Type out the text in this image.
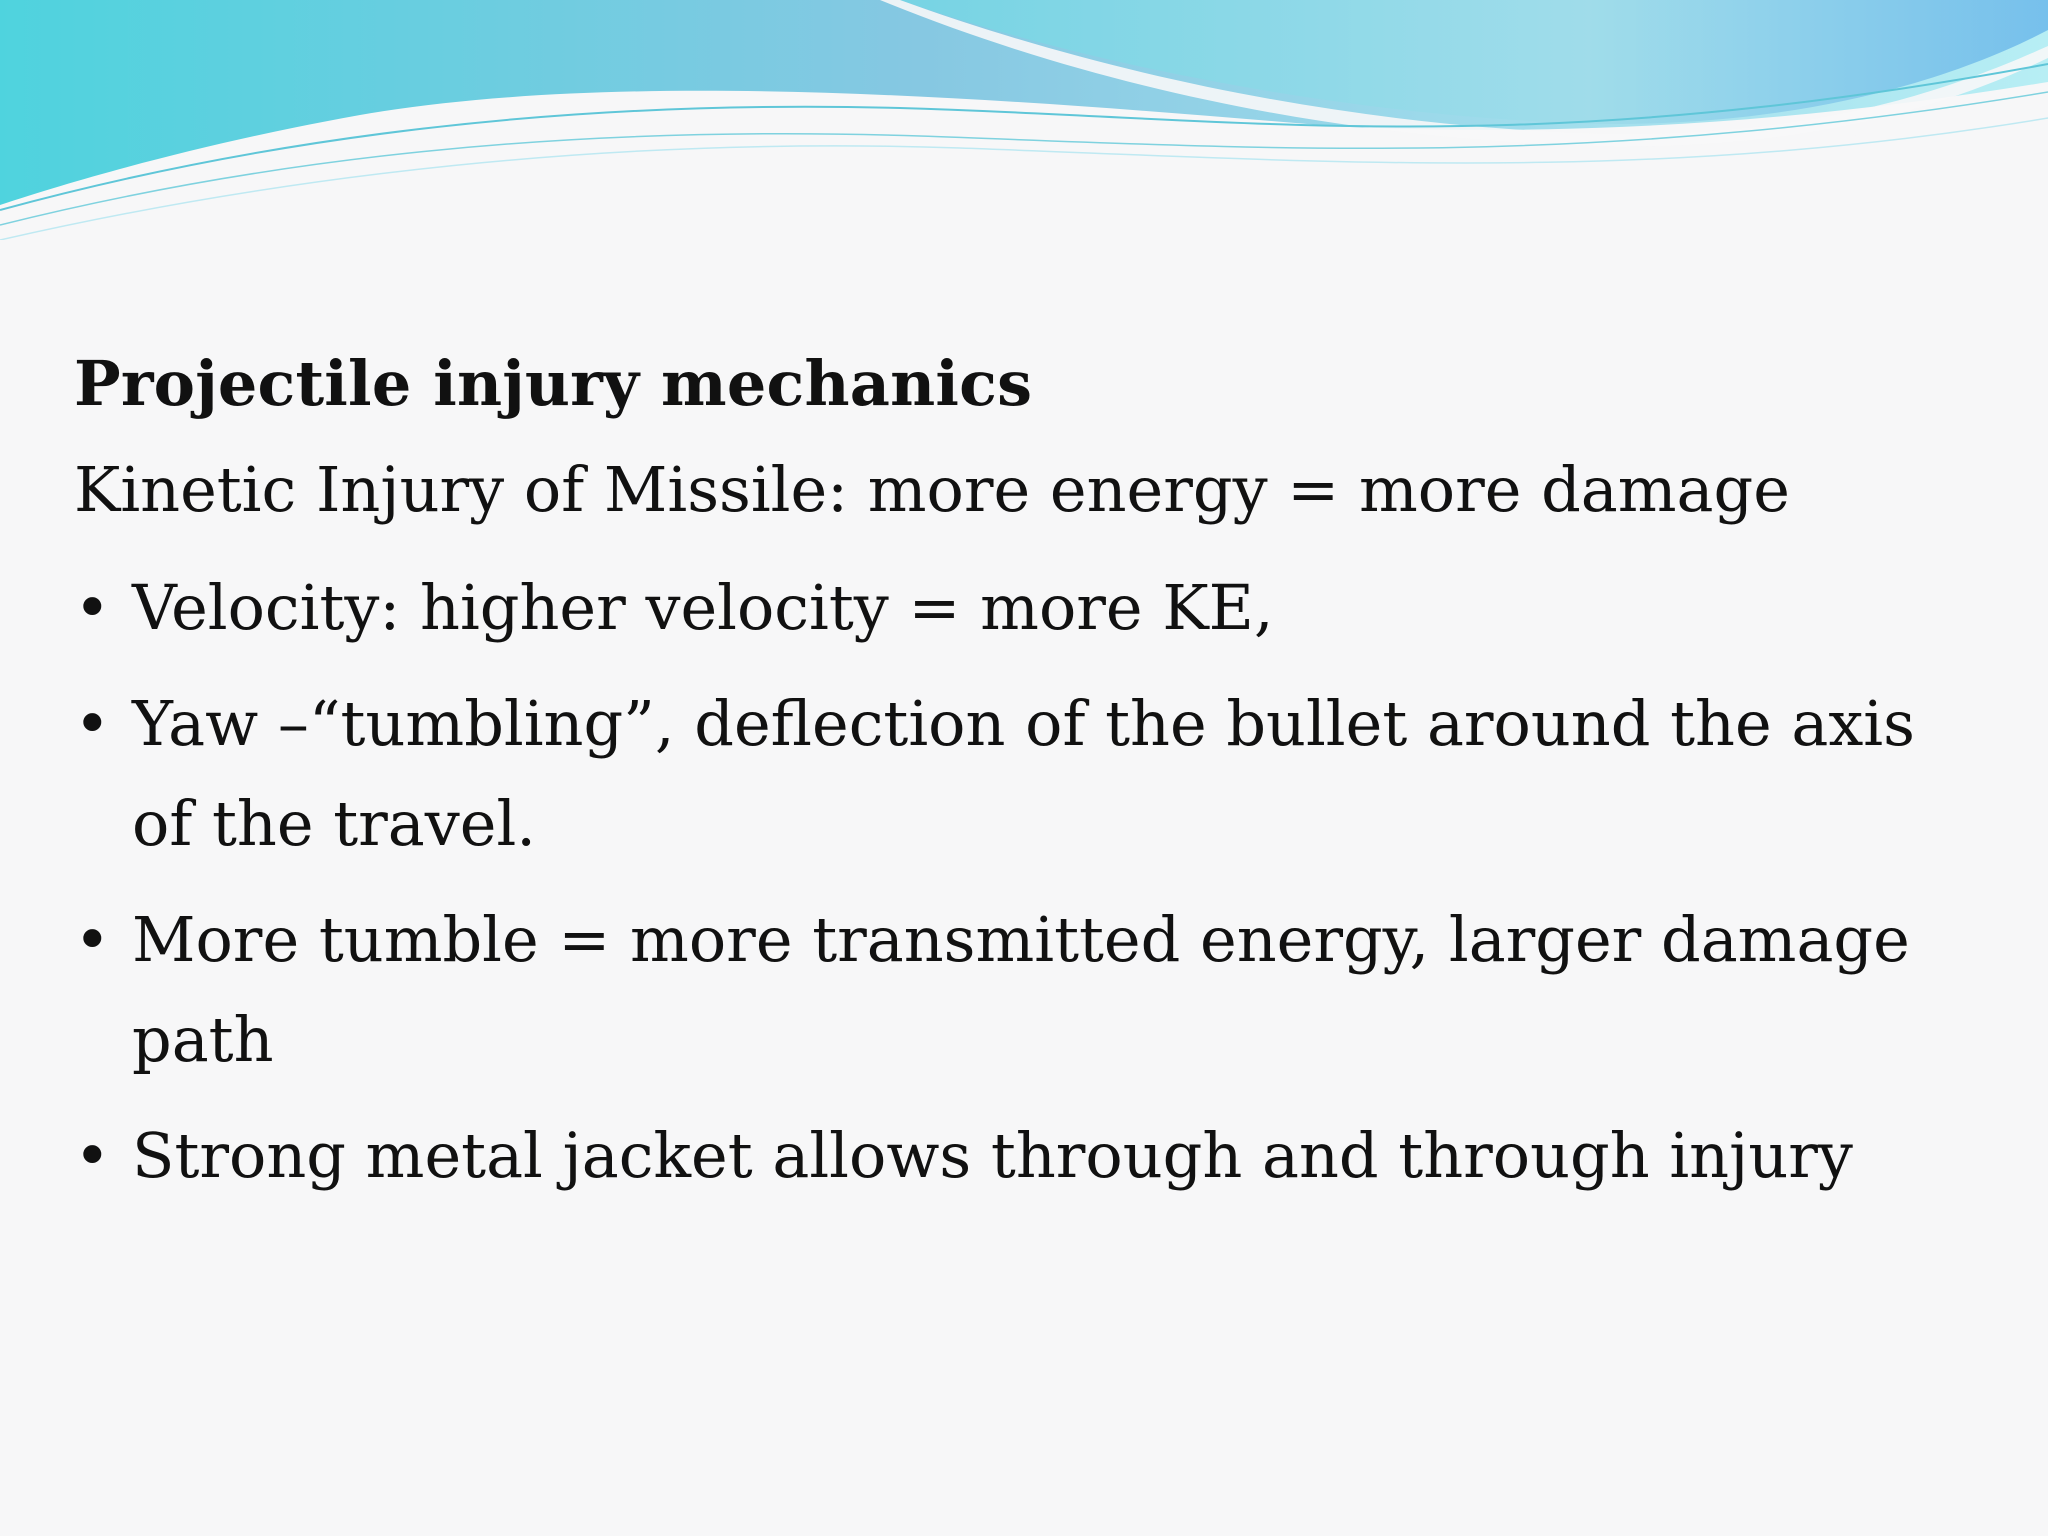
Projectile injury mechanics
Kinetic Injury of Missile: more energy = more damage
• Velocity: higher velocity = more KE,
• Yaw –“tumbling”, deflection of the bullet around the axis of the travel.
• More tumble = more transmitted energy, larger damage path
• Strong metal jacket allows through and through injury
